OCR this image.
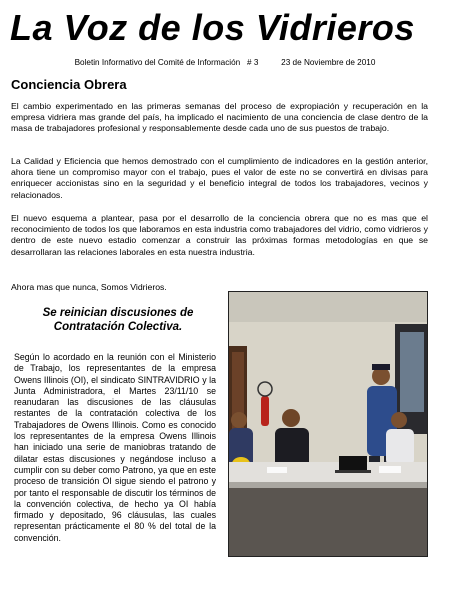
La Voz de los Vidrieros
Boletin Informativo del Comité de Información   # 3          23 de Noviembre de 2010
Conciencia Obrera
El cambio experimentado en las primeras semanas del proceso de expropiación y recuperación en la empresa vidriera mas grande del país, ha implicado el nacimiento de una conciencia de clase dentro de la masa de trabajadores profesional y responsablemente desde cada uno de sus puestos de trabajo.
La Calidad y Eficiencia que hemos demostrado con el cumplimiento de indicadores en la gestión anterior, ahora tiene un compromiso mayor con el trabajo, pues el valor de este no se convertirá en divisas para enriquecer accionistas sino en la seguridad y el beneficio integral de todos los trabajadores, vecinos y relacionados.
El nuevo esquema a plantear, pasa por el desarrollo de la conciencia obrera que no es mas que el reconocimiento de todos los que laboramos en esta industria como trabajadores del vidrio, como vidrieros y dentro de este nuevo estadio comenzar a construir las próximas formas metodologías en que se desarrollaran las relaciones laborales en esta nuestra industria.
Ahora mas que nunca, Somos Vidrieros.
Se reinician discusiones de Contratación Colectiva.
Según lo acordado en la reunión con el Ministerio de Trabajo, los representantes de la empresa Owens Illinois (OI), el sindicato SINTRAVIDRIO y la Junta Administradora, el Martes 23/11/10 se reanudaran las discusiones de las cláusulas restantes de la contratación colectiva de los Trabajadores de Owens Illinois. Como es conocido los representantes de la empresa Owens Illinois han iniciado una serie de maniobras tratando de dilatar estas discusiones y negándose incluso a cumplir con su deber como Patrono, ya que en este proceso de transición OI sigue siendo el patrono y por tanto el responsable de discutir los términos de la convención colectiva, de hecho ya OI había firmado y depositado, 96 cláusulas, las cuales representan prácticamente el 80 % del total de la convención.
